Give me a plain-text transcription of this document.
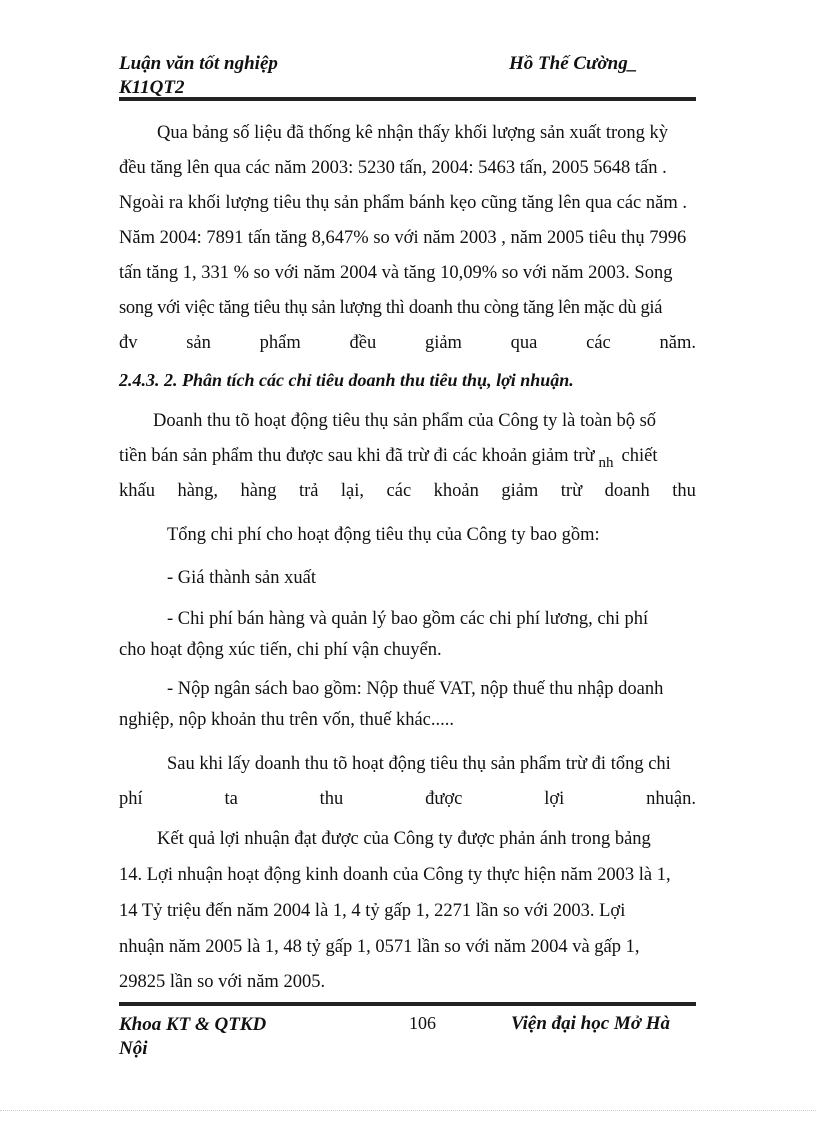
Luận văn tốt nghiệp
K11QT2
Hồ Thế Cường_
Qua bảng số liệu đã thống kê nhận thấy khối lượng sản xuất trong kỳ
đều tăng lên qua các năm 2003: 5230 tấn, 2004: 5463 tấn, 2005 5648 tấn .
Ngoài ra khối lượng tiêu thụ sản phẩm bánh kẹo cũng tăng lên qua các năm .
Năm 2004: 7891 tấn tăng 8,647% so với năm 2003 , năm 2005 tiêu thụ 7996
tấn tăng 1, 331 % so với năm 2004 và tăng 10,09% so với năm 2003. Song
song với việc tăng tiêu thụ sản lượng thì doanh thu còng tăng lên mặc dù giá
đv	sản	phẩm	đều	giảm	qua	các	năm.
2.4.3. 2. Phân tích các chỉ tiêu doanh thu tiêu thụ, lợi nhuận.
Doanh thu tõ hoạt động tiêu thụ sản phẩm của Công ty là toàn bộ số
tiền bán sản phẩm thu được sau khi đã trừ đi các khoản giảm trừ $_{nh}$ chiết
khấu hàng, hàng trả lại, các khoản giảm trừ doanh thu
Tổng chi phí cho hoạt động tiêu thụ của Công ty bao gồm:
- Giá thành sản xuất
- Chi phí bán hàng và quản lý bao gồm các chi phí lương, chi phí
cho hoạt động xúc tiến, chi phí vận chuyển.
- Nộp ngân sách bao gồm: Nộp thuế VAT, nộp thuế thu nhập doanh
nghiệp, nộp khoản thu trên vốn, thuế khác.....
Sau khi lấy doanh thu tõ hoạt động tiêu thụ sản phẩm trừ đi tổng chi
phí	ta	thu	được	lợi	nhuận.
Kết quả lợi nhuận đạt được của Công ty được phản ánh trong bảng
14. Lợi nhuận hoạt động kinh doanh của Công ty thực hiện năm 2003 là 1,
14 Tỷ triệu đến năm 2004 là 1, 4 tỷ gấp 1, 2271 lần so với 2003. Lợi
nhuận năm 2005 là 1, 48 tỷ gấp 1, 0571 lần so với năm 2004 và gấp 1,
29825 lần so với năm 2005.
Khoa KT & QTKD
Nội
106	Viện đại học Mở Hà
